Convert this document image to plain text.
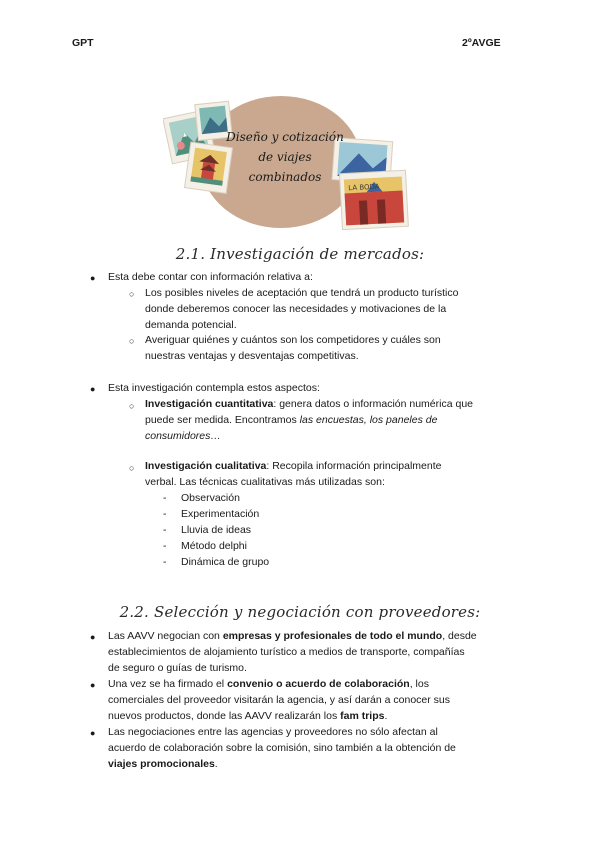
GPT	2ºAVGE
LA BODA
Diseño y cotización
de viajes
combinados
2.1. Investigación de mercados:
● Esta debe contar con información relativa a:
○ Los posibles niveles de aceptación que tendrá un producto turístico
donde deberemos conocer las necesidades y motivaciones de la
demanda potencial.
○ Averiguar quiénes y cuántos son los competidores y cuáles son
nuestras ventajas y desventajas competitivas.
● Esta investigación contempla estos aspectos:
○ Investigación cuantitativa: genera datos o información numérica que
puede ser medida. Encontramos las encuestas, los paneles de
consumidores…
○ Investigación cualitativa: Recopila información principalmente
verbal. Las técnicas cualitativas más utilizadas son:
- Observación
- Experimentación
- Lluvia de ideas
- Método delphi
- Dinámica de grupo
2.2. Selección y negociación con proveedores:
● Las AAVV negocian con empresas y profesionales de todo el mundo, desde
establecimientos de alojamiento turístico a medios de transporte, compañías
de seguro o guías de turismo.
● Una vez se ha firmado el convenio o acuerdo de colaboración, los
comerciales del proveedor visitarán la agencia, y así darán a conocer sus
nuevos productos, donde las AAVV realizarán los fam trips.
● Las negociaciones entre las agencias y proveedores no sólo afectan al
acuerdo de colaboración sobre la comisión, sino también a la obtención de
viajes promocionales.
